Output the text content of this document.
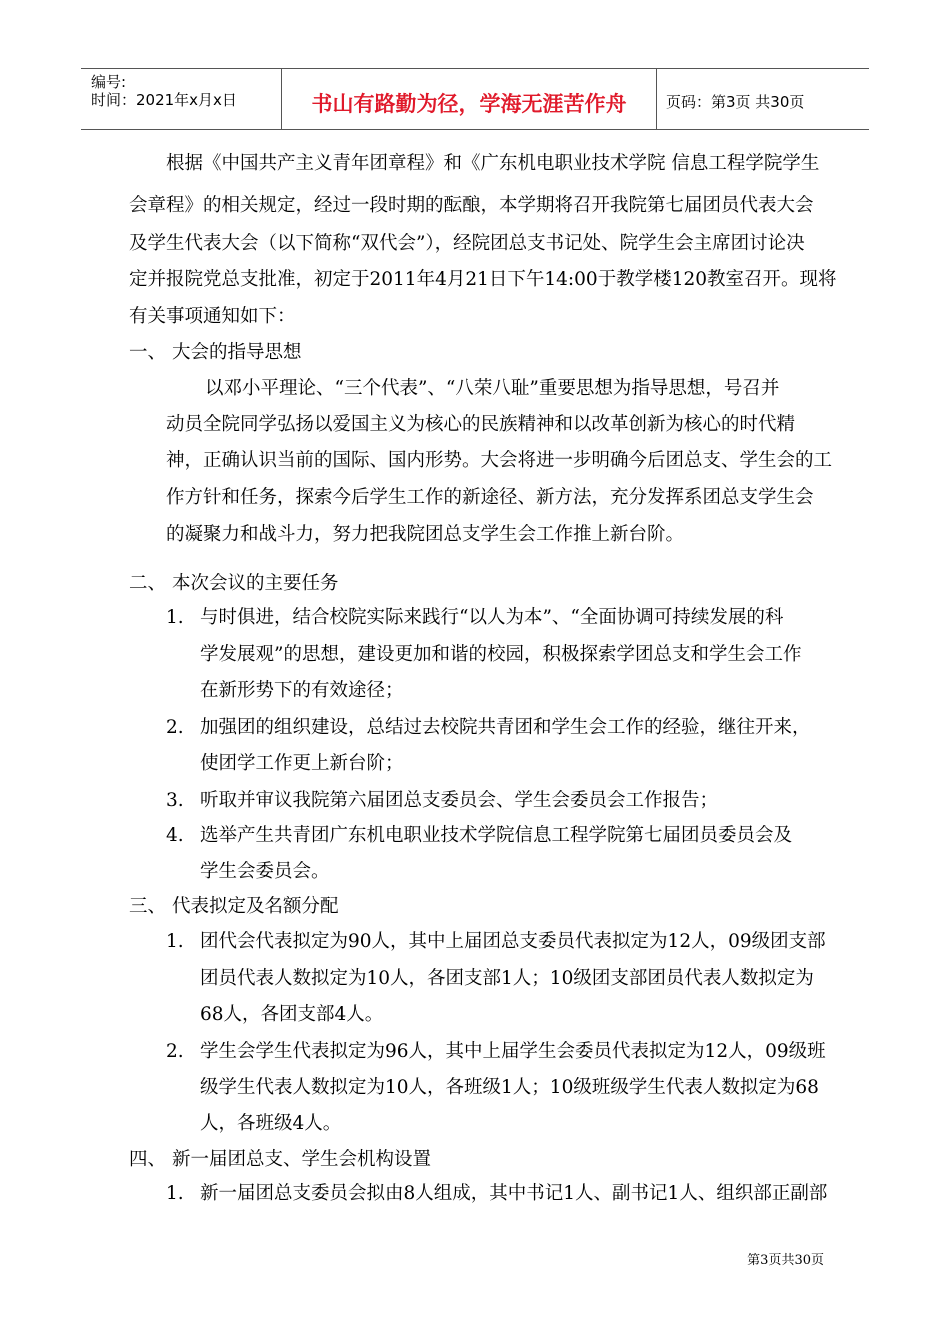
编号:
时间：2021年x月x日	书山有路勤为径，学海无涯苦作舟	页码：第3页 共30页
根据《中国共产主义青年团章程》和《广东机电职业技术学院 信息工程学院学生
会章程》的相关规定，经过一段时期的酝酿，本学期将召开我院第七届团员代表大会
及学生代表大会（以下简称“双代会”），经院团总支书记处、院学生会主席团讨论决
定并报院党总支批准，初定于2011年4月21日下午14:00于教学楼120教室召开。现将
有关事项通知如下：
一、 大会的指导思想
以邓小平理论、“三个代表”、“八荣八耻”重要思想为指导思想，号召并
动员全院同学弘扬以爱国主义为核心的民族精神和以改革创新为核心的时代精
神，正确认识当前的国际、国内形势。大会将进一步明确今后团总支、学生会的工
作方针和任务，探索今后学生工作的新途径、新方法，充分发挥系团总支学生会
的凝聚力和战斗力，努力把我院团总支学生会工作推上新台阶。
二、 本次会议的主要任务
1. 与时俱进，结合校院实际来践行“以人为本”、“全面协调可持续发展的科
学发展观”的思想，建设更加和谐的校园，积极探索学团总支和学生会工作
在新形势下的有效途径；
2. 加强团的组织建设，总结过去校院共青团和学生会工作的经验，继往开来，
使团学工作更上新台阶；
3. 听取并审议我院第六届团总支委员会、学生会委员会工作报告；
4. 选举产生共青团广东机电职业技术学院信息工程学院第七届团员委员会及
学生会委员会。
三、 代表拟定及名额分配
1. 团代会代表拟定为90人，其中上届团总支委员代表拟定为12人，09级团支部
团员代表人数拟定为10人，各团支部1人；10级团支部团员代表人数拟定为
68人，各团支部4人。
2. 学生会学生代表拟定为96人，其中上届学生会委员代表拟定为12人，09级班
级学生代表人数拟定为10人，各班级1人；10级班级学生代表人数拟定为68
人，各班级4人。
四、 新一届团总支、学生会机构设置
1. 新一届团总支委员会拟由8人组成，其中书记1人、副书记1人、组织部正副部
第3页共30页
